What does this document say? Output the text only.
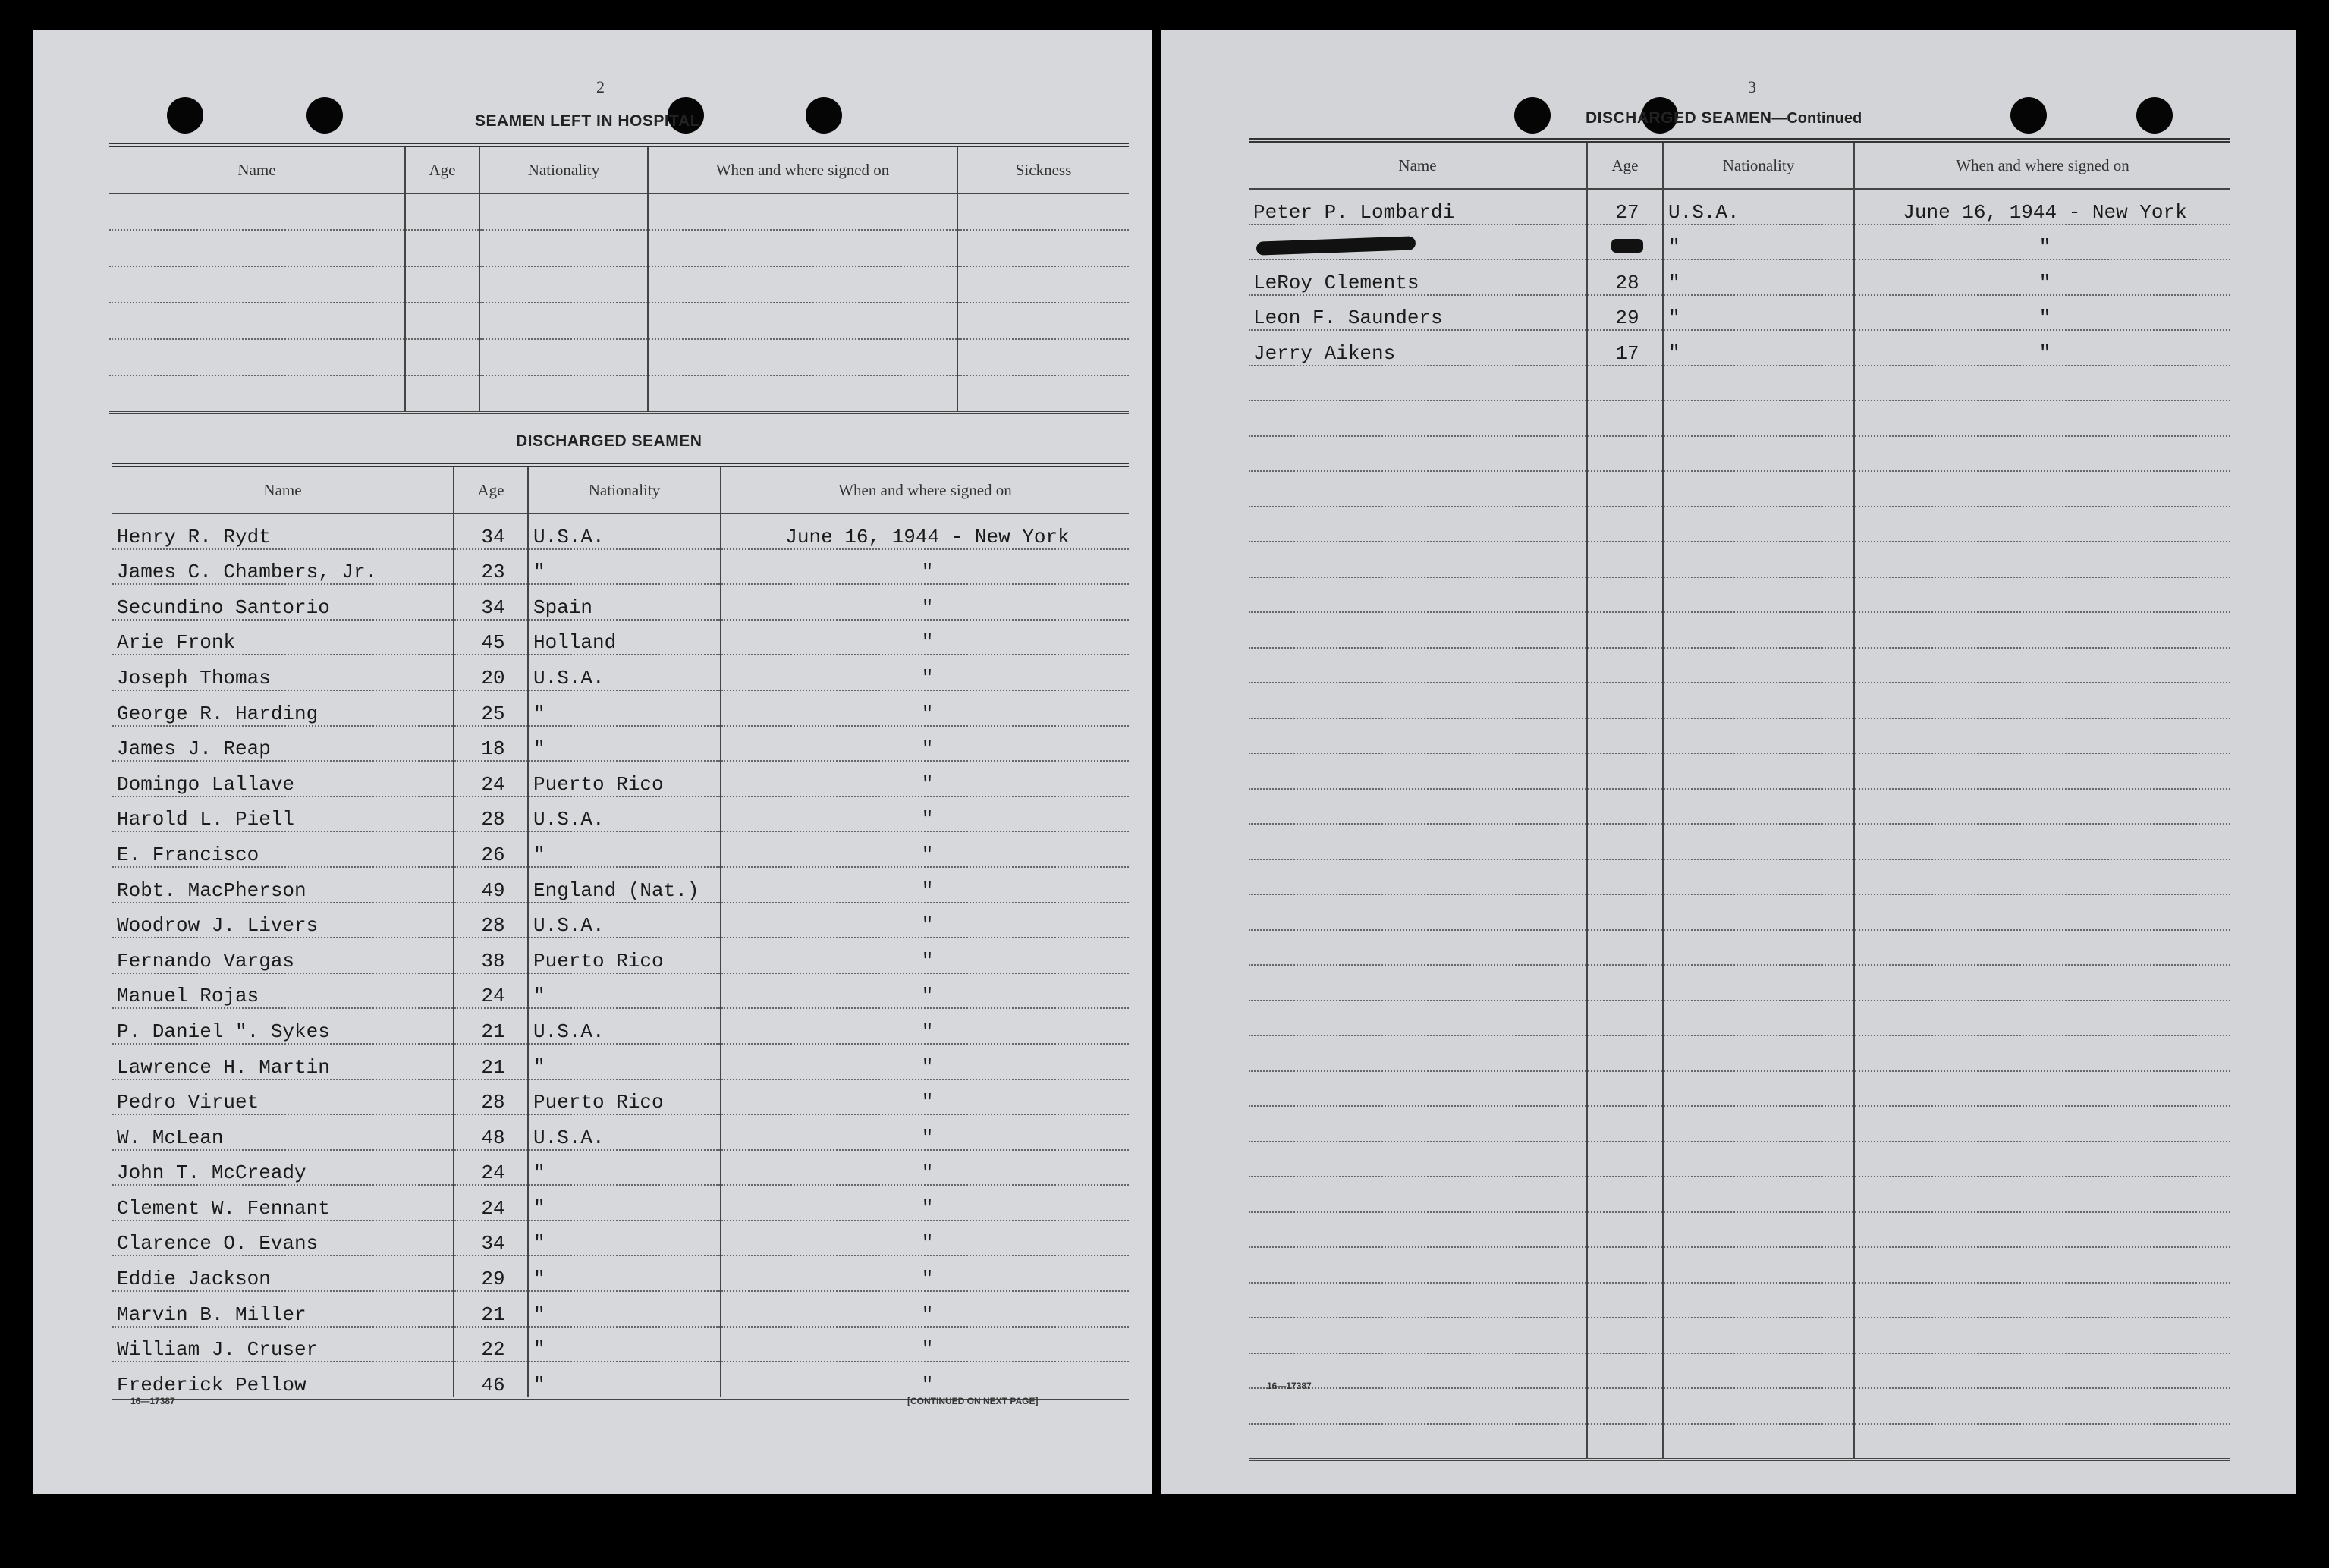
2
SEAMEN LEFT IN HOSPITAL
Name	Age	Nationality	When and where signed on	Sickness

DISCHARGED SEAMEN
Name	Age	Nationality	When and where signed on
Henry R. Rydt	34	U.S.A.	June 16, 1944 - New York
James C. Chambers, Jr.	23	"	"
Secundino Santorio	34	Spain	"
Arie Fronk	45	Holland	"
Joseph Thomas	20	U.S.A.	"
George R. Harding	25	"	"
James J. Reap	18	"	"
Domingo Lallave	24	Puerto Rico	"
Harold L. Piell	28	U.S.A.	"
E. Francisco	26	"	"
Robt. MacPherson	49	England (Nat.)	"
Woodrow J. Livers	28	U.S.A.	"
Fernando Vargas	38	Puerto Rico	"
Manuel Rojas	24	"	"
P. Daniel ". Sykes	21	U.S.A.	"
Lawrence H. Martin	21	"	"
Pedro Viruet	28	Puerto Rico	"
W. McLean	48	U.S.A.	"
John T. McCready	24	"	"
Clement W. Fennant	24	"	"
Clarence O. Evans	34	"	"
Eddie Jackson	29	"	"
Marvin B. Miller	21	"	"
William J. Cruser	22	"	"
Frederick Pellow	46	"	"
16—17387	[CONTINUED ON NEXT PAGE]
3
DISCHARGED SEAMEN—Continued
Name	Age	Nationality	When and where signed on
Peter P. Lombardi	27	U.S.A.	June 16, 1944 - New York
		"	"
LeRoy Clements	28	"	"
Leon F. Saunders	29	"	"
Jerry Aikens	17	"	"

16—17387
